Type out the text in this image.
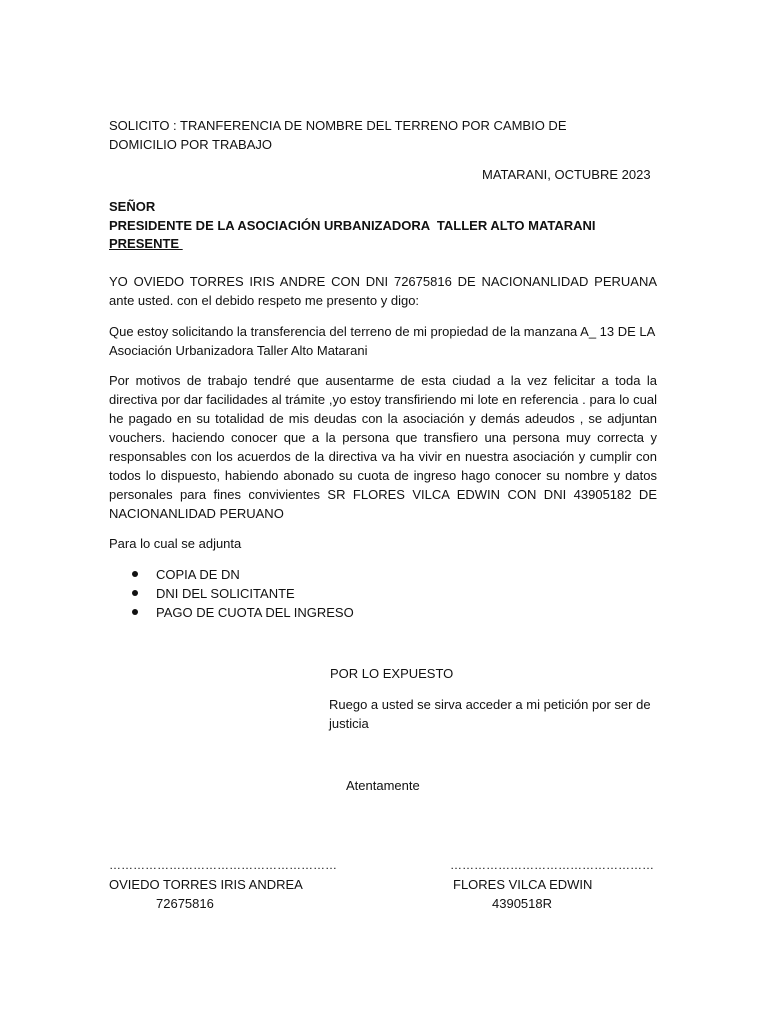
SOLICITO : TRANFERENCIA DE NOMBRE DEL TERRENO POR CAMBIO DE DOMICILIO POR TRABAJO
MATARANI, OCTUBRE 2023
SEÑOR
PRESIDENTE DE LA ASOCIACIÓN URBANIZADORA  TALLER ALTO MATARANI
PRESENTE
YO OVIEDO TORRES IRIS ANDRE CON DNI 72675816 DE NACIONANLIDAD PERUANA ante usted. con el debido respeto me presento y digo:
Que estoy solicitando la transferencia del terreno de mi propiedad de la manzana A_ 13 DE LA Asociación Urbanizadora Taller Alto Matarani
Por motivos de trabajo tendré que ausentarme de esta ciudad a la vez felicitar a toda la directiva por dar facilidades al trámite ,yo estoy transfiriendo mi lote en referencia . para lo cual he pagado en su totalidad de mis deudas con la asociación y demás adeudos , se adjuntan vouchers. haciendo conocer que a la persona que transfiero una persona muy correcta y responsables con los acuerdos de la directiva va ha vivir en nuestra asociación y cumplir con todos lo dispuesto, habiendo abonado su cuota de ingreso hago conocer su nombre y datos personales para fines convivientes SR FLORES VILCA EDWIN CON DNI 43905182 DE NACIONANLIDAD PERUANO
Para lo cual se adjunta
COPIA DE DN
DNI DEL SOLICITANTE
PAGO DE CUOTA DEL INGRESO
POR LO EXPUESTO
Ruego a usted se sirva acceder a mi petición por ser de justicia
Atentamente
…………………………………………………
OVIEDO TORRES IRIS ANDREA
72675816
……………………………………………
FLORES VILCA EDWIN
4390518R
